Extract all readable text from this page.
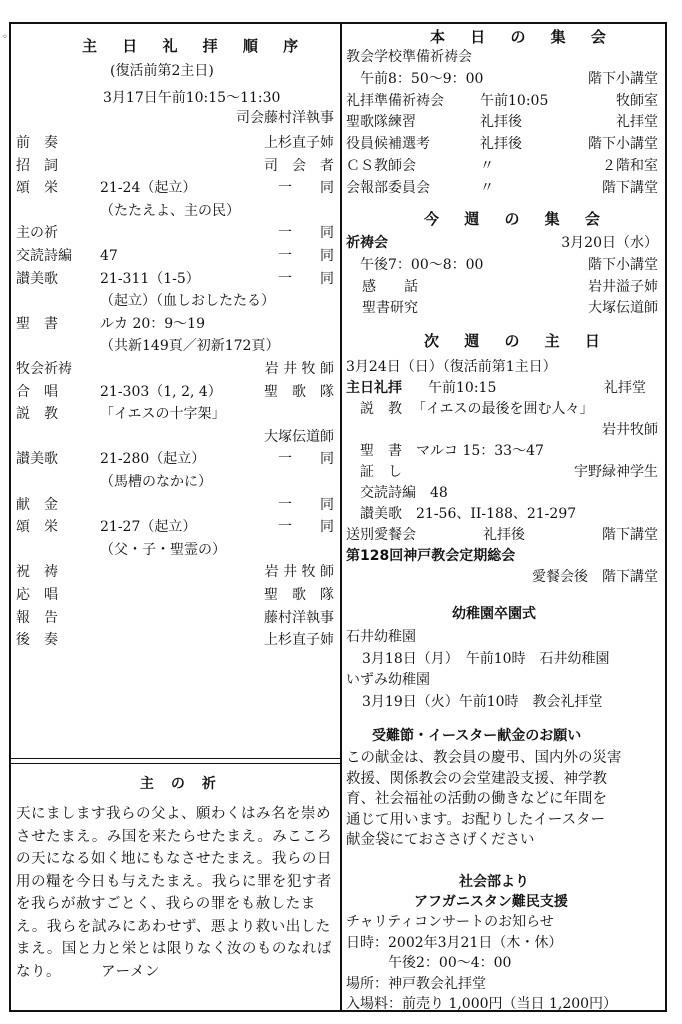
◦	主 日 礼 拝 順 序
(復活前第2主日)
3月17日午前10:15〜11:30
司会藤村洋執事
主 の 祈
天にまします我らの父よ、願わくはみ名を崇めさせたまえ。み国を来たらせたまえ。みこころの天になる如く地にもなさせたまえ。我らの日用の糧を今日も与えたまえ。我らに罪を犯す者を我らが赦すごとく、我らの罪をも赦したまえ。我らを試みにあわせず、悪より救い出したまえ。国と力と栄とは限りなく汝のものなればなり。	アーメン
本 日 の 集 会
今 週 の 集 会
祈祷会	3月20日（水）
午後7：00〜8：00	階下小講堂
次 週 の 主 日
3月24日（日）（復活前第1主日）
主日礼拝 午前10:15	礼拝堂
説　教 「イエスの最後を囲む人々」
岩井牧師
聖　書　マルコ 15：33〜47
証　し	宇野緑神学生
交読詩編　48
讃美歌　21-56、II-188、21-297
送別愛餐会	礼拝後	階下講堂
第128回神戸教会定期総会
愛餐会後　階下講堂
幼稚園卒園式
受難節・イースター献金のお願い
社会部より
アフガニスタン難民支援
前　奏	上杉直子姉
招　詞	司　会　者
頌　栄	21-24（起立）	一　　同
（たたえよ、主の民）
主の祈	一　　同
交読詩編 47	一　　同
讃美歌	21-311（1-5）	一　　同
（起立）（血しおしたたる）
聖　書	ルカ 20：9〜19
（共新149頁／初新172頁）
牧会祈祷	岩 井 牧 師
合　唱	21-303（1, 2, 4）	聖　歌　隊
説　教	「イエスの十字架」
大塚伝道師
讃美歌	21-280（起立）	一　　同
（馬槽のなかに）
献　金	一　　同
頌　栄	21-27（起立）	一　　同
（父・子・聖霊の）
祝　祷	岩 井 牧 師
応　唱	聖　歌　隊
報　告	藤村洋執事
後　奏	上杉直子姉
教会学校準備祈祷会
　午前8：50〜9：00	階下小講堂
礼拝準備祈祷会	午前10:05	牧師室
聖歌隊練習	礼拝後	礼拝堂
役員候補選考	礼拝後	階下小講堂
ＣＳ教師会	〃	２階和室
会報部委員会	〃	階下講堂
感　　話	岩井溢子姉
聖書研究	大塚伝道師
石井幼稚園
3月18日（月）　午前10時　石井幼稚園
いずみ幼稚園
3月19日（火）午前10時　教会礼拝堂
この献金は、教会員の慶弔、国内外の災害
救援、関係教会の会堂建設支援、神学教
育、社会福祉の活動の働きなどに年間を
通じて用います。お配りしたイースター
献金袋にておささげください
チャリティコンサートのお知らせ
日時：2002年3月21日（木・休）
　　　午後2：00〜4：00
場所：神戸教会礼拝堂
入場料：前売り 1,000円（当日 1,200円）
